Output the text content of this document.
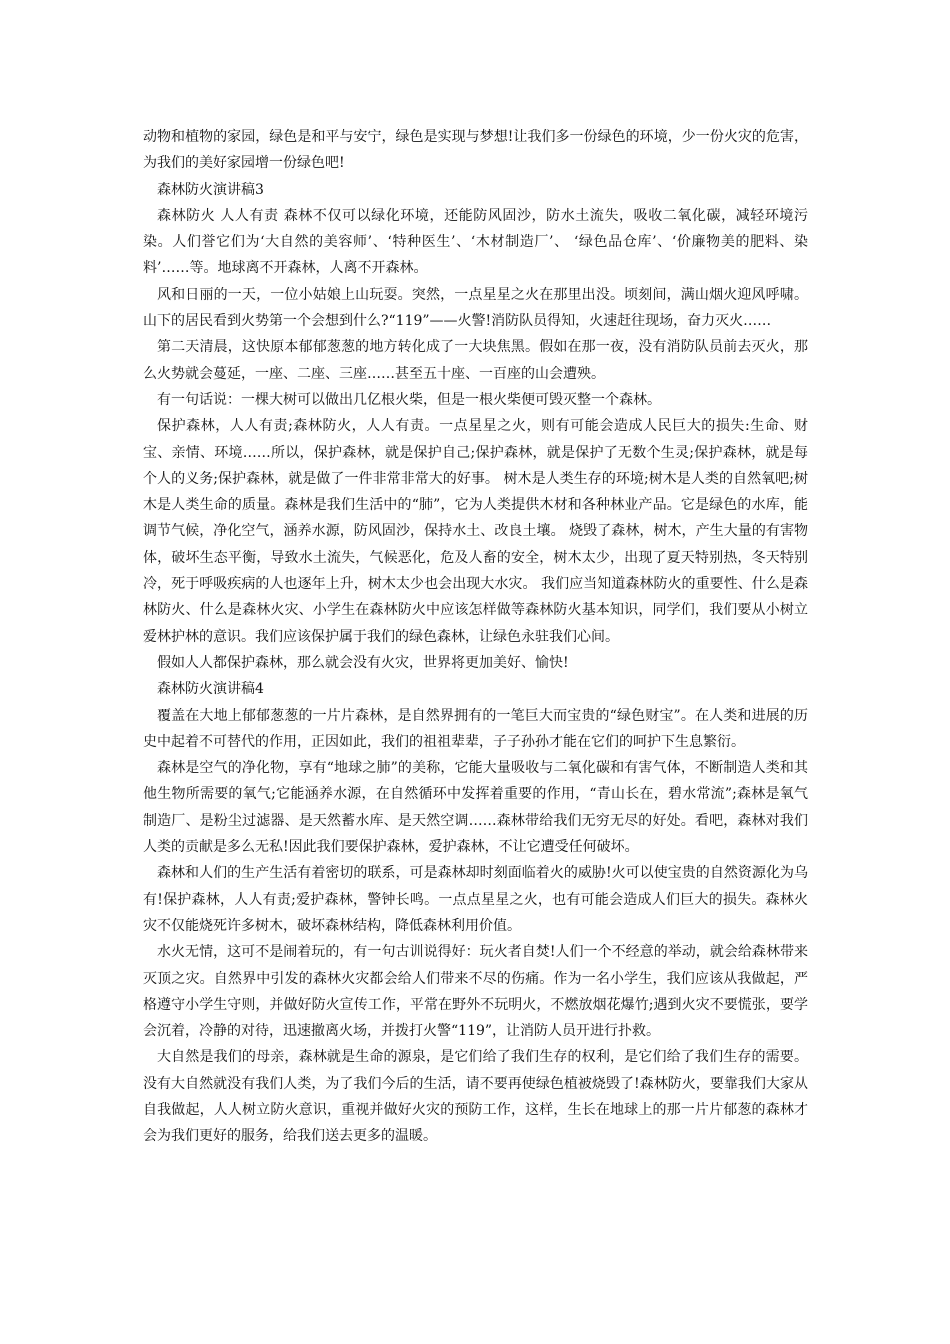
动物和植物的家园，绿色是和平与安宁，绿色是实现与梦想!让我们多一份绿色的环境，少一份火灾的危害，为我们的美好家园增一份绿色吧!

森林防火演讲稿3

森林防火 人人有责 森林不仅可以绿化环境，还能防风固沙，防水土流失，吸收二氧化碳，减轻环境污染。人们誉它们为‘大自然的美容师’、‘特种医生’、‘木材制造厂’、 ‘绿色品仓库’、‘价廉物美的肥料、染料’……等。地球离不开森林，人离不开森林。

风和日丽的一天，一位小姑娘上山玩耍。突然，一点星星之火在那里出没。顷刻间，满山烟火迎风呼啸。山下的居民看到火势第一个会想到什么?“119”——火警!消防队员得知，火速赶往现场，奋力灭火……

第二天清晨，这快原本郁郁葱葱的地方转化成了一大块焦黑。假如在那一夜，没有消防队员前去灭火，那么火势就会蔓延，一座、二座、三座……甚至五十座、一百座的山会遭殃。

有一句话说：一棵大树可以做出几亿根火柴，但是一根火柴便可毁灭整一个森林。

保护森林，人人有责;森林防火，人人有责。一点星星之火，则有可能会造成人民巨大的损失:生命、财宝、亲情、环境……所以，保护森林，就是保护自己;保护森林，就是保护了无数个生灵;保护森林，就是每个人的义务;保护森林，就是做了一件非常非常大的好事。 树木是人类生存的环境;树木是人类的自然氧吧;树木是人类生命的质量。森林是我们生活中的“肺”，它为人类提供木材和各种林业产品。它是绿色的水库，能调节气候，净化空气，涵养水源，防风固沙，保持水土、改良土壤。 烧毁了森林，树木，产生大量的有害物体，破坏生态平衡，导致水土流失，气候恶化，危及人畜的安全，树木太少，出现了夏天特别热，冬天特别冷，死于呼吸疾病的人也逐年上升，树木太少也会出现大水灾。 我们应当知道森林防火的重要性、什么是森林防火、什么是森林火灾、小学生在森林防火中应该怎样做等森林防火基本知识，同学们，我们要从小树立爱林护林的意识。我们应该保护属于我们的绿色森林，让绿色永驻我们心间。

假如人人都保护森林，那么就会没有火灾，世界将更加美好、愉快!

森林防火演讲稿4

覆盖在大地上郁郁葱葱的一片片森林，是自然界拥有的一笔巨大而宝贵的“绿色财宝”。在人类和进展的历史中起着不可替代的作用，正因如此，我们的祖祖辈辈，子子孙孙才能在它们的呵护下生息繁衍。

森林是空气的净化物，享有“地球之肺”的美称，它能大量吸收与二氧化碳和有害气体，不断制造人类和其他生物所需要的氧气;它能涵养水源，在自然循环中发挥着重要的作用，“青山长在，碧水常流”;森林是氧气制造厂、是粉尘过滤器、是天然蓄水库、是天然空调……森林带给我们无穷无尽的好处。看吧，森林对我们人类的贡献是多么无私!因此我们要保护森林，爱护森林，不让它遭受任何破坏。

森林和人们的生产生活有着密切的联系，可是森林却时刻面临着火的威胁!火可以使宝贵的自然资源化为乌有!保护森林，人人有责;爱护森林，警钟长鸣。一点点星星之火，也有可能会造成人们巨大的损失。森林火灾不仅能烧死许多树木，破坏森林结构，降低森林利用价值。

水火无情，这可不是闹着玩的，有一句古训说得好：玩火者自焚!人们一个不经意的举动，就会给森林带来灭顶之灾。自然界中引发的森林火灾都会给人们带来不尽的伤痛。作为一名小学生，我们应该从我做起，严格遵守小学生守则，并做好防火宣传工作，平常在野外不玩明火，不燃放烟花爆竹;遇到火灾不要慌张，要学会沉着，冷静的对待，迅速撤离火场，并拨打火警“119”，让消防人员开进行扑救。

大自然是我们的母亲，森林就是生命的源泉，是它们给了我们生存的权利，是它们给了我们生存的需要。没有大自然就没有我们人类，为了我们今后的生活，请不要再使绿色植被烧毁了!森林防火，要靠我们大家从自我做起，人人树立防火意识，重视并做好火灾的预防工作，这样，生长在地球上的那一片片郁葱的森林才会为我们更好的服务，给我们送去更多的温暖。
